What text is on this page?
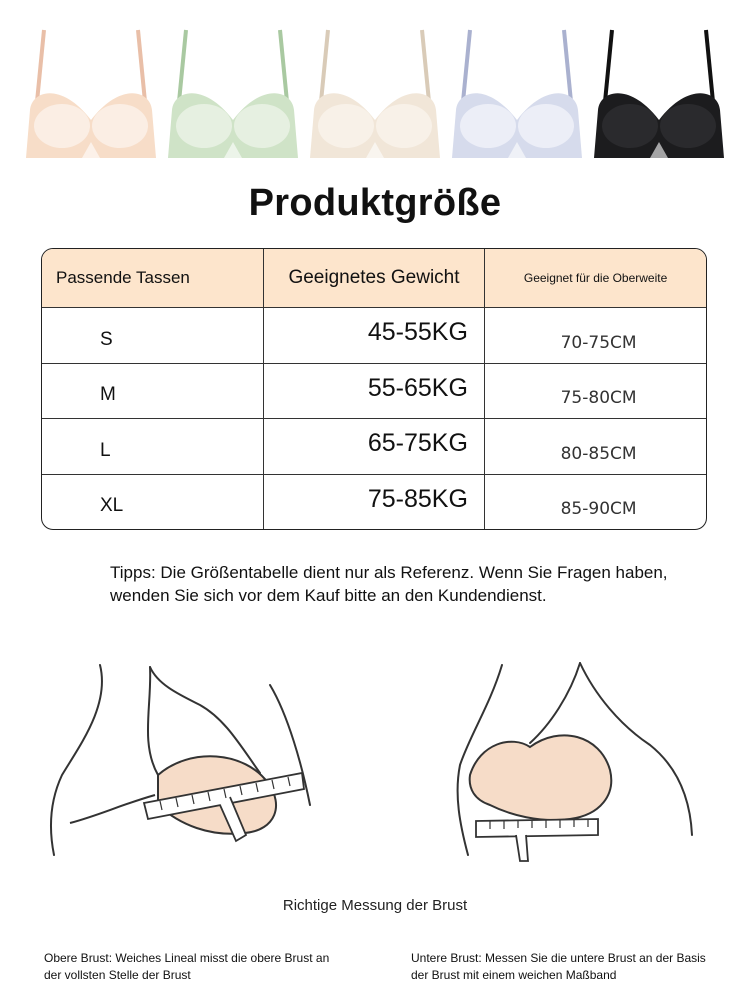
Produktgröße
Passende Tassen	Geeignetes Gewicht	Geeignet für die Oberweite
S	45-55KG	70-75CM
M	55-65KG	75-80CM
L	65-75KG	80-85CM
XL	75-85KG	85-90CM
Tipps: Die Größentabelle dient nur als Referenz. Wenn Sie Fragen haben, wenden Sie sich vor dem Kauf bitte an den Kundendienst.
Richtige Messung der Brust
Obere Brust: Weiches Lineal misst die obere Brust an der vollsten Stelle der Brust
Untere Brust: Messen Sie die untere Brust an der Basis der Brust mit einem weichen Maßband
